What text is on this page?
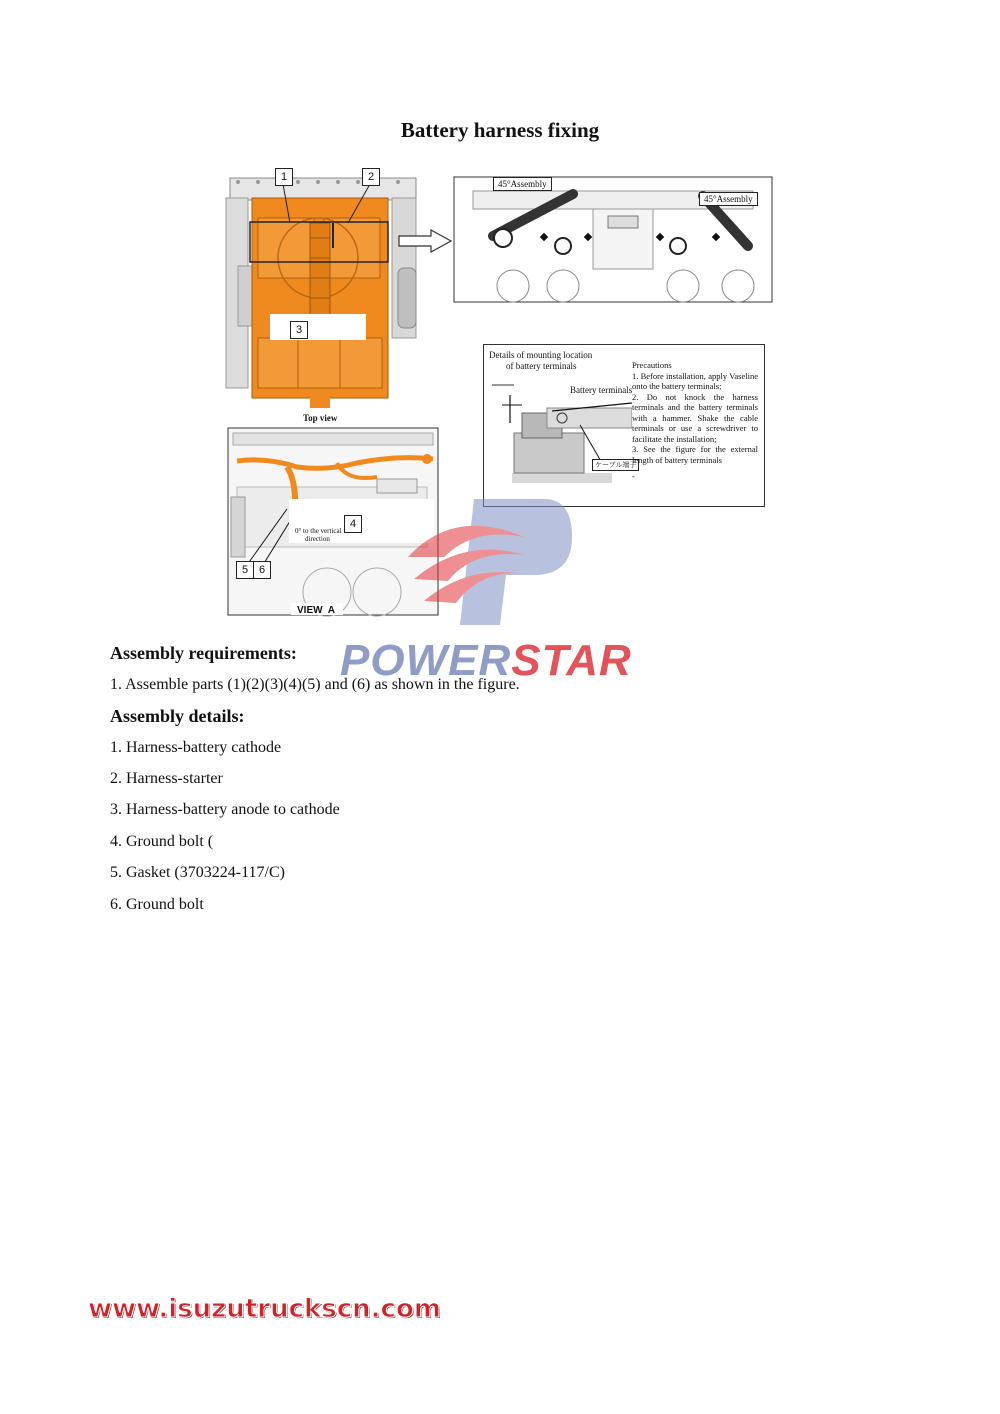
Battery harness fixing
1	2
3
Top view
45°Assembly
45°Assembly
Details of mounting location
of battery terminals
Battery terminals
ケーブル端子
Precautions
1. Before installation, apply Vaseline onto the battery terminals;
2. Do not knock the harness terminals and the battery terminals with a hammer. Shake the cable terminals or use a screwdriver to facilitate the installation;
3. See the figure for the external length of battery terminals
-
0° to the vertical
direction
4
5 6
VIEW  A
POWERSTAR
Assembly requirements:
1. Assemble parts (1)(2)(3)(4)(5) and (6) as shown in the figure.
Assembly details:
1. Harness-battery cathode
2. Harness-starter
3. Harness-battery anode to cathode
4. Ground bolt (
5. Gasket (3703224-117/C)
6. Ground bolt
www.isuzutruckscn.com
